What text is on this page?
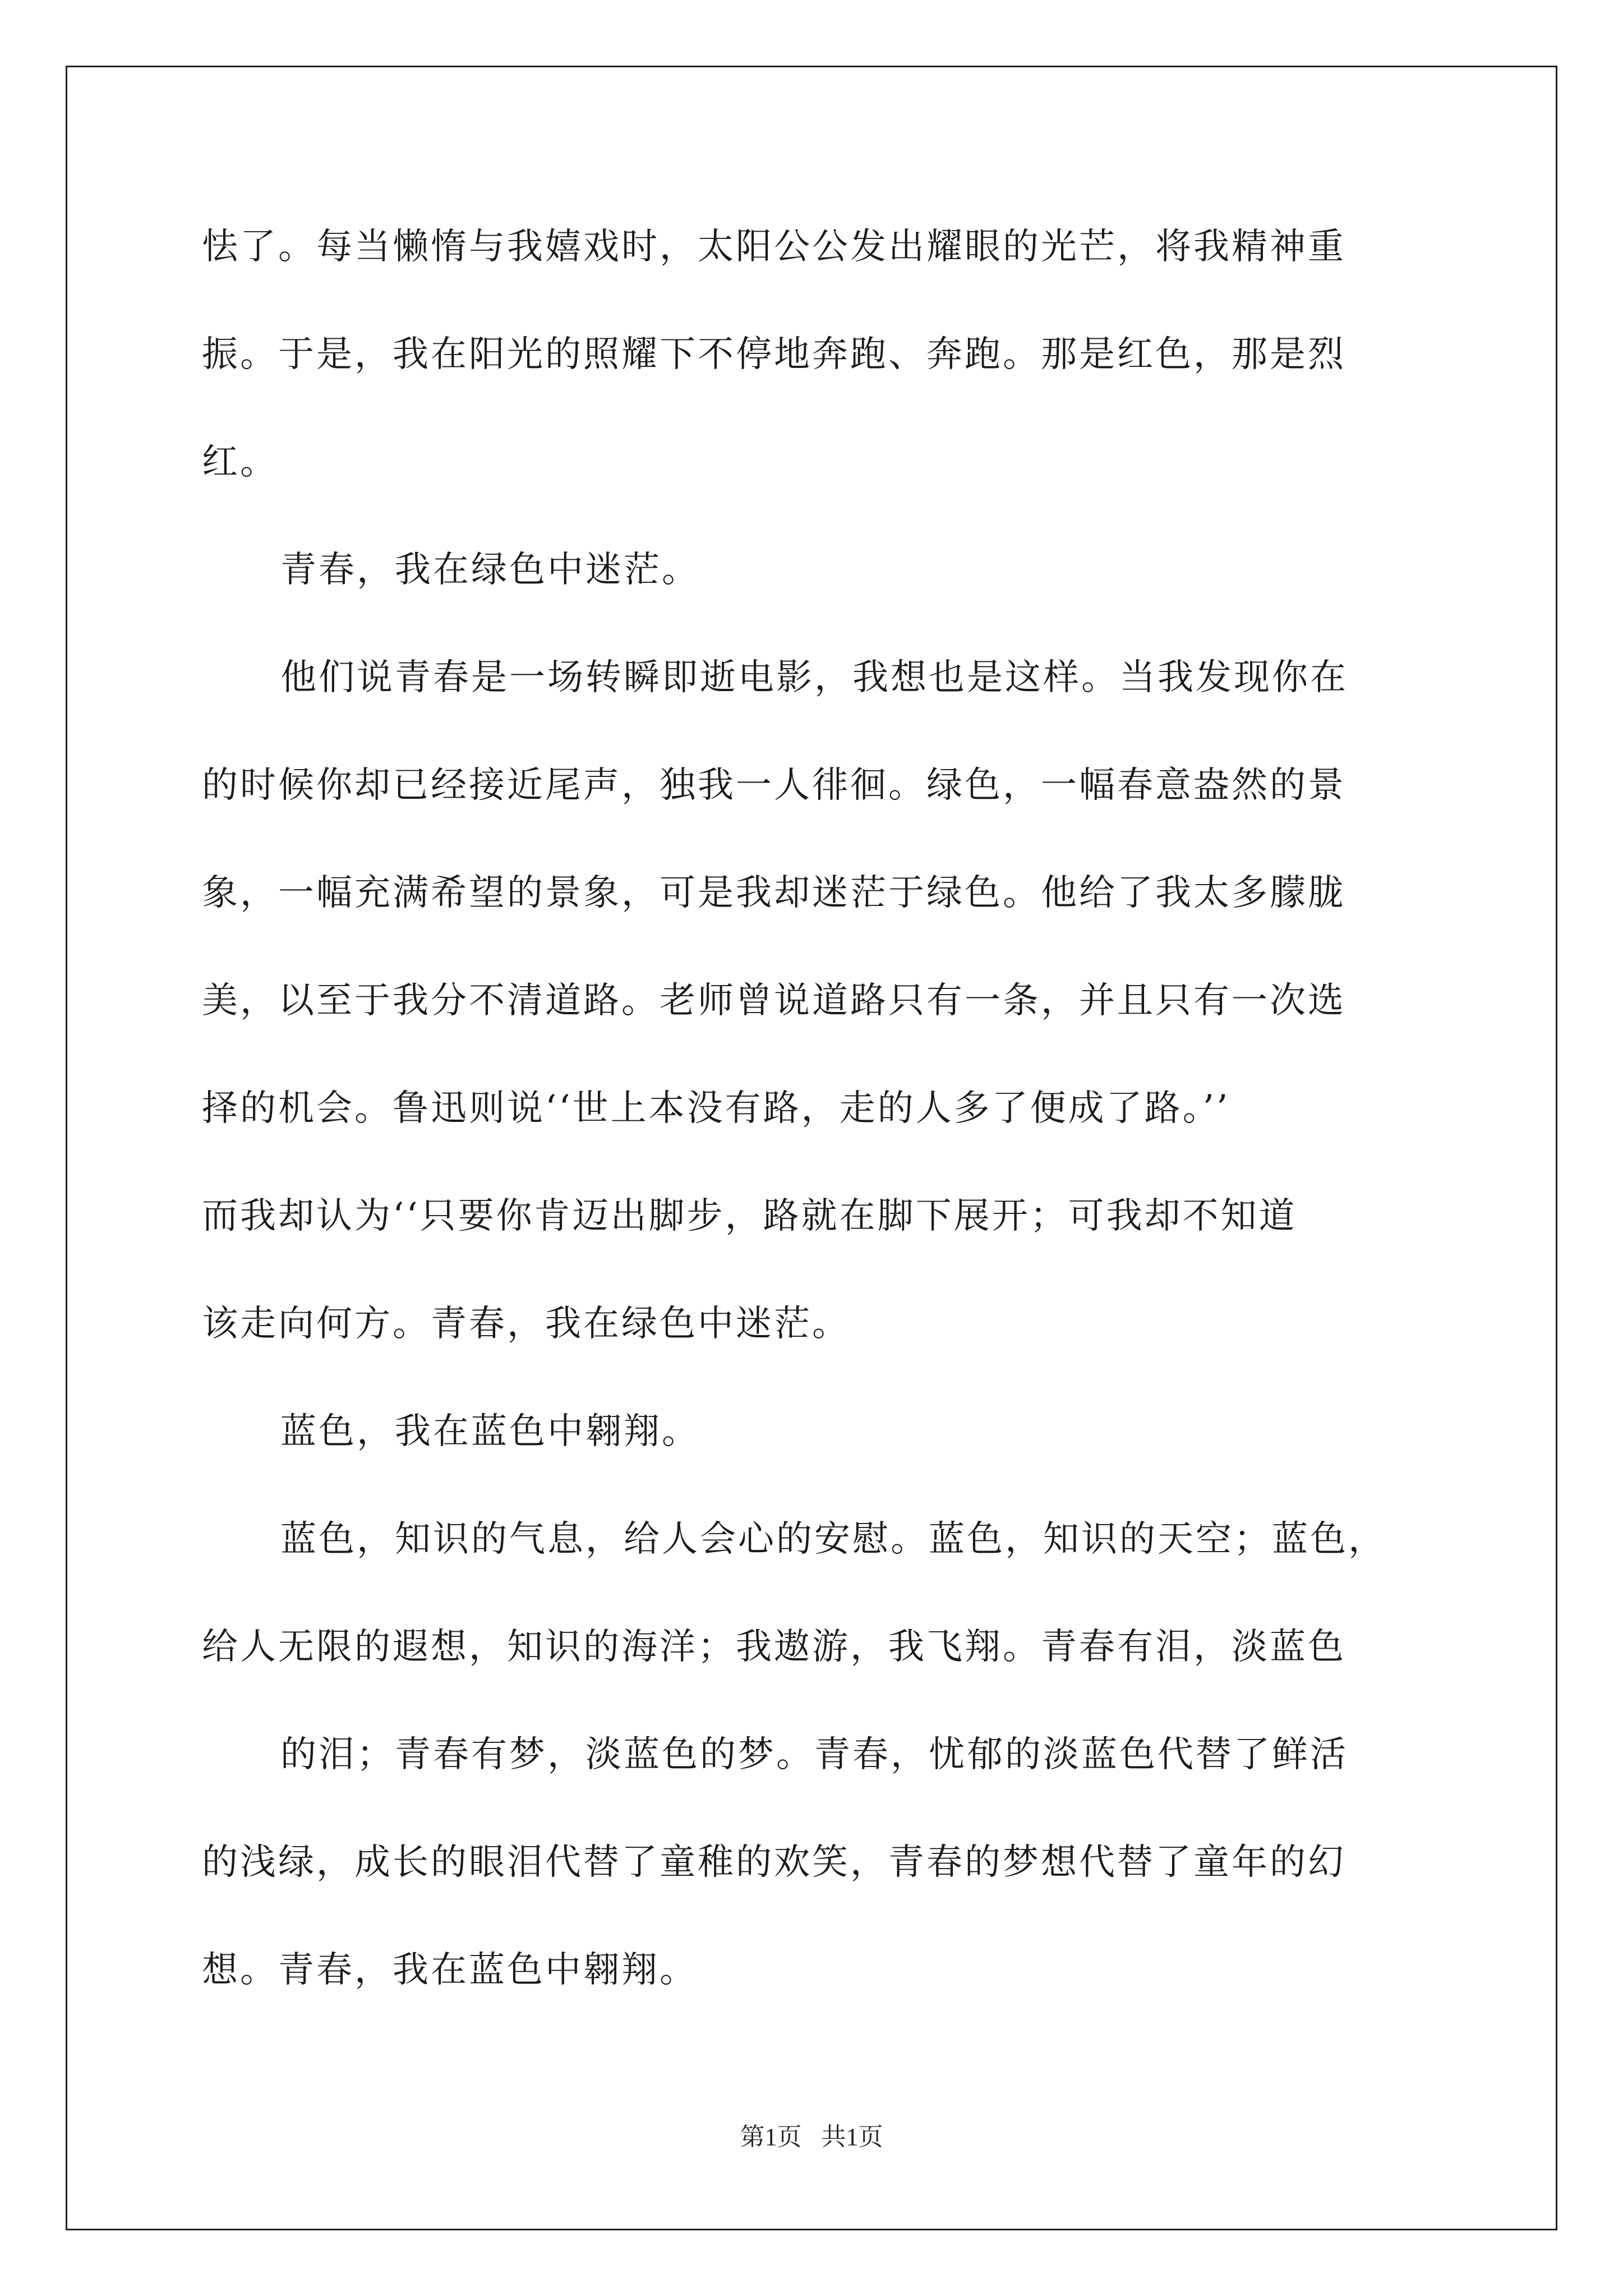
怯了。每当懒惰与我嬉戏时，太阳公公发出耀眼的光芒，将我精神重
振。于是，我在阳光的照耀下不停地奔跑、奔跑。那是红色，那是烈
红。
青春，我在绿色中迷茫。
他们说青春是一场转瞬即逝电影，我想也是这样。当我发现你在
的时候你却已经接近尾声，独我一人徘徊。绿色，一幅春意盎然的景
象，一幅充满希望的景象，可是我却迷茫于绿色。他给了我太多朦胧
美，以至于我分不清道路。老师曾说道路只有一条，并且只有一次选
择的机会。鲁迅则说‘‘世上本没有路，走的人多了便成了路。’’
而我却认为‘‘只要你肯迈出脚步，路就在脚下展开；可我却不知道
该走向何方。青春，我在绿色中迷茫。
蓝色，我在蓝色中翱翔。
蓝色，知识的气息，给人会心的安慰。蓝色，知识的天空；蓝色，
给人无限的遐想，知识的海洋；我遨游，我飞翔。青春有泪，淡蓝色
的泪；青春有梦，淡蓝色的梦。青春，忧郁的淡蓝色代替了鲜活
的浅绿，成长的眼泪代替了童稚的欢笑，青春的梦想代替了童年的幻
想。青春，我在蓝色中翱翔。
第1页 共1页
